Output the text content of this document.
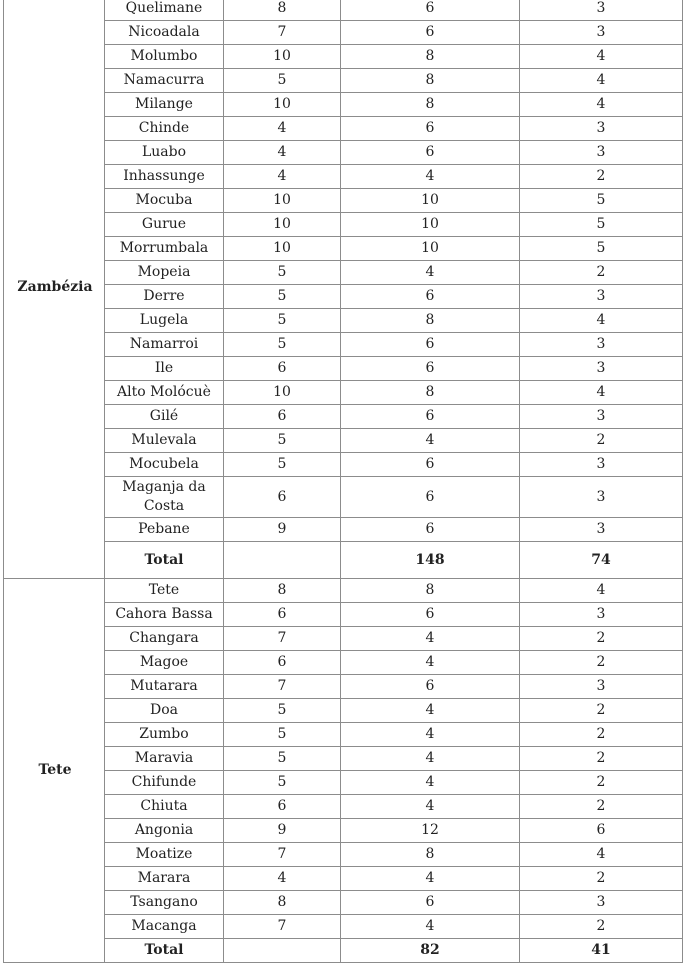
Zambézia	Quelimane	8	6	3
	Nicoadala	7	6	3
	Molumbo	10	8	4
	Namacurra	5	8	4
	Milange	10	8	4
	Chinde	4	6	3
	Luabo	4	6	3
	Inhassunge	4	4	2
	Mocuba	10	10	5
	Gurue	10	10	5
	Morrumbala	10	10	5
	Mopeia	5	4	2
	Derre	5	6	3
	Lugela	5	8	4
	Namarroi	5	6	3
	Ile	6	6	3
	Alto Molócuè	10	8	4
	Gilé	6	6	3
	Mulevala	5	4	2
	Mocubela	5	6	3
	Maganja da Costa	6	6	3
	Pebane	9	6	3
	Total		148	74
Tete	Tete	8	8	4
	Cahora Bassa	6	6	3
	Changara	7	4	2
	Magoe	6	4	2
	Mutarara	7	6	3
	Doa	5	4	2
	Zumbo	5	4	2
	Maravia	5	4	2
	Chifunde	5	4	2
	Chiuta	6	4	2
	Angonia	9	12	6
	Moatize	7	8	4
	Marara	4	4	2
	Tsangano	8	6	3
	Macanga	7	4	2
	Total		82	41
